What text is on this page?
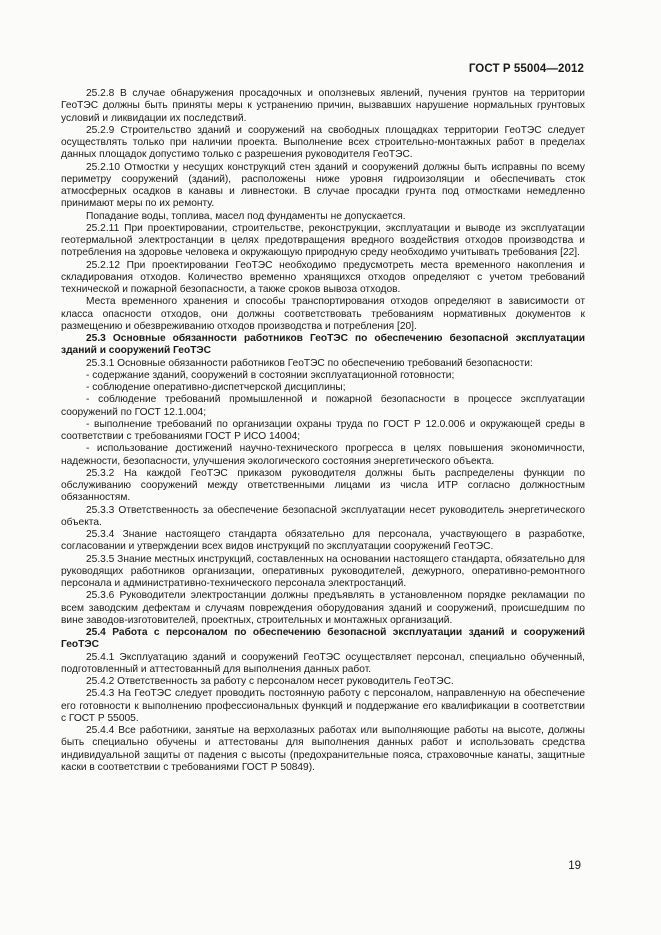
ГОСТ Р 55004—2012

25.2.8 В случае обнаружения просадочных и оползневых явлений, пучения грунтов на территории ГеоТЭС должны быть приняты меры к устранению причин, вызвавших нарушение нормальных грунтовых условий и ликвидации их последствий.

25.2.9 Строительство зданий и сооружений на свободных площадках территории ГеоТЭС следует осуществлять только при наличии проекта. Выполнение всех строительно-монтажных работ в пределах данных площадок допустимо только с разрешения руководителя ГеоТЭС.

25.2.10 Отмостки у несущих конструкций стен зданий и сооружений должны быть исправны по всему периметру сооружений (зданий), расположены ниже уровня гидроизоляции и обеспечивать сток атмосферных осадков в канавы и ливнестоки. В случае просадки грунта под отмостками немедленно принимают меры по их ремонту.

Попадание воды, топлива, масел под фундаменты не допускается.

25.2.11 При проектировании, строительстве, реконструкции, эксплуатации и выводе из эксплуатации геотермальной электростанции в целях предотвращения вредного воздействия отходов производства и потребления на здоровье человека и окружающую природную среду необходимо учитывать требования [22].

25.2.12 При проектировании ГеоТЭС необходимо предусмотреть места временного накопления и складирования отходов. Количество временно хранящихся отходов определяют с учетом требований технической и пожарной безопасности, а также сроков вывоза отходов.

Места временного хранения и способы транспортирования отходов определяют в зависимости от класса опасности отходов, они должны соответствовать требованиям нормативных документов к размещению и обезвреживанию отходов производства и потребления [20].

25.3 Основные обязанности работников ГеоТЭС по обеспечению безопасной эксплуатации зданий и сооружений ГеоТЭС

25.3.1 Основные обязанности работников ГеоТЭС по обеспечению требований безопасности:

- содержание зданий, сооружений в состоянии эксплуатационной готовности;

- соблюдение оперативно-диспетчерской дисциплины;

- соблюдение требований промышленной и пожарной безопасности в процессе эксплуатации сооружений по ГОСТ 12.1.004;

- выполнение требований по организации охраны труда по ГОСТ Р 12.0.006 и окружающей среды в соответствии с требованиями ГОСТ Р ИСО 14004;

- использование достижений научно-технического прогресса в целях повышения экономичности, надежности, безопасности, улучшения экологического состояния энергетического объекта.

25.3.2 На каждой ГеоТЭС приказом руководителя должны быть распределены функции по обслуживанию сооружений между ответственными лицами из числа ИТР согласно должностным обязанностям.

25.3.3 Ответственность за обеспечение безопасной эксплуатации несет руководитель энергетического объекта.

25.3.4 Знание настоящего стандарта обязательно для персонала, участвующего в разработке, согласовании и утверждении всех видов инструкций по эксплуатации сооружений ГеоТЭС.

25.3.5 Знание местных инструкций, составленных на основании настоящего стандарта, обязательно для руководящих работников организации, оперативных руководителей, дежурного, оперативно-ремонтного персонала и административно-технического персонала электростанций.

25.3.6 Руководители электростанции должны предъявлять в установленном порядке рекламации по всем заводским дефектам и случаям повреждения оборудования зданий и сооружений, происшедшим по вине заводов-изготовителей, проектных, строительных и монтажных организаций.

25.4 Работа с персоналом по обеспечению безопасной эксплуатации зданий и сооружений ГеоТЭС

25.4.1 Эксплуатацию зданий и сооружений ГеоТЭС осуществляет персонал, специально обученный, подготовленный и аттестованный для выполнения данных работ.

25.4.2 Ответственность за работу с персоналом несет руководитель ГеоТЭС.

25.4.3 На ГеоТЭС следует проводить постоянную работу с персоналом, направленную на обеспечение его готовности к выполнению профессиональных функций и поддержание его квалификации в соответствии с ГОСТ Р 55005.

25.4.4 Все работники, занятые на верхолазных работах или выполняющие работы на высоте, должны быть специально обучены и аттестованы для выполнения данных работ и использовать средства индивидуальной защиты от падения с высоты (предохранительные пояса, страховочные канаты, защитные каски в соответствии с требованиями ГОСТ Р 50849).

19
